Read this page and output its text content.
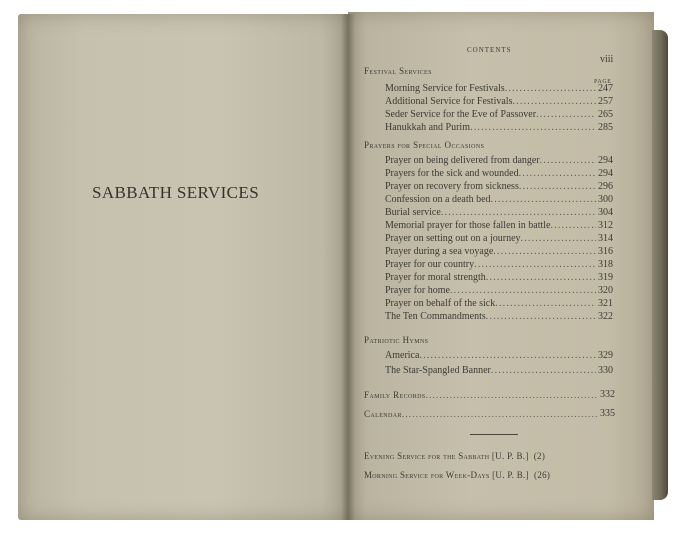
SABBATH SERVICES
CONTENTS
viii
PAGE
Festival Services
Morning Service for Festivals .....	247
Additional Service for Festivals .....	257
Seder Service for the Eve of Passover .....	265
Hanukkah and Purim .....	285
Prayers for Special Occasions
Prayer on being delivered from danger .....	294
Prayers for the sick and wounded .....	294
Prayer on recovery from sickness .....	296
Confession on a death bed .....	300
Burial service .....	304
Memorial prayer for those fallen in battle .....	312
Prayer on setting out on a journey .....	314
Prayer during a sea voyage .....	316
Prayer for our country .....	318
Prayer for moral strength .....	319
Prayer for home .....	320
Prayer on behalf of the sick .....	321
The Ten Commandments .....	322
Patriotic Hymns
America .....	329
The Star-Spangled Banner .....	330
Family Records .....	332
Calendar .....	335
Evening Service for the Sabbath [U. P. B.] (2)
Morning Service for Week-Days [U. P. B.] (26)
